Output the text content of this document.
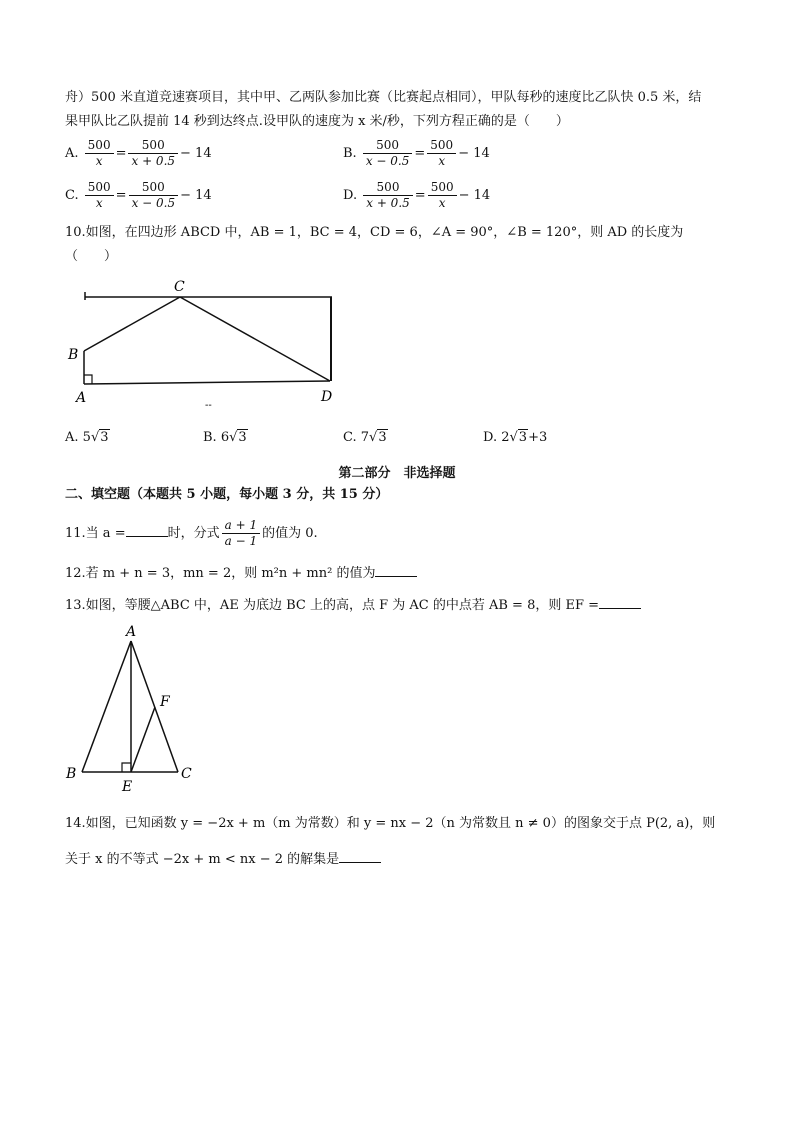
舟）500 米直道竞速赛项目，其中甲、乙两队参加比赛（比赛起点相同），甲队每秒的速度比乙队快 0.5 米，结
果甲队比乙队提前 14 秒到达终点.设甲队的速度为 x 米/秒，下列方程正确的是（　　）
A. $\frac{500}{x} = \frac{500}{x + 0.5} - 14$	B. $\frac{500}{x - 0.5} = \frac{500}{x} - 14$
C. $\frac{500}{x} = \frac{500}{x - 0.5} - 14$	D. $\frac{500}{x + 0.5} = \frac{500}{x} - 14$
10.如图，在四边形 ABCD 中，AB = 1，BC = 4，CD = 6，∠A = 90°，∠B = 120°，则 AD 的长度为
（　　）
C
B
A	D
--
A. 5√3	B. 6√3	C. 7√3	D. 2√3+3
第二部分　非选择题
二、填空题（本题共 5 小题，每小题 3 分，共 15 分）
11.当 a =	时，分式 $\frac{a + 1}{a - 1}$ 的值为 0.
12.若 m + n = 3，mn = 2，则 m²n + mn² 的值为
13.如图，等腰△ABC 中，AE 为底边 BC 上的高，点 F 为 AC 的中点若 AB = 8，则 EF =
A
B	C
E
F
14.如图，已知函数 y = −2x + m（m 为常数）和 y = nx − 2（n 为常数且 n ≠ 0）的图象交于点 P(2, a)，则
关于 x 的不等式 −2x + m < nx − 2 的解集是
